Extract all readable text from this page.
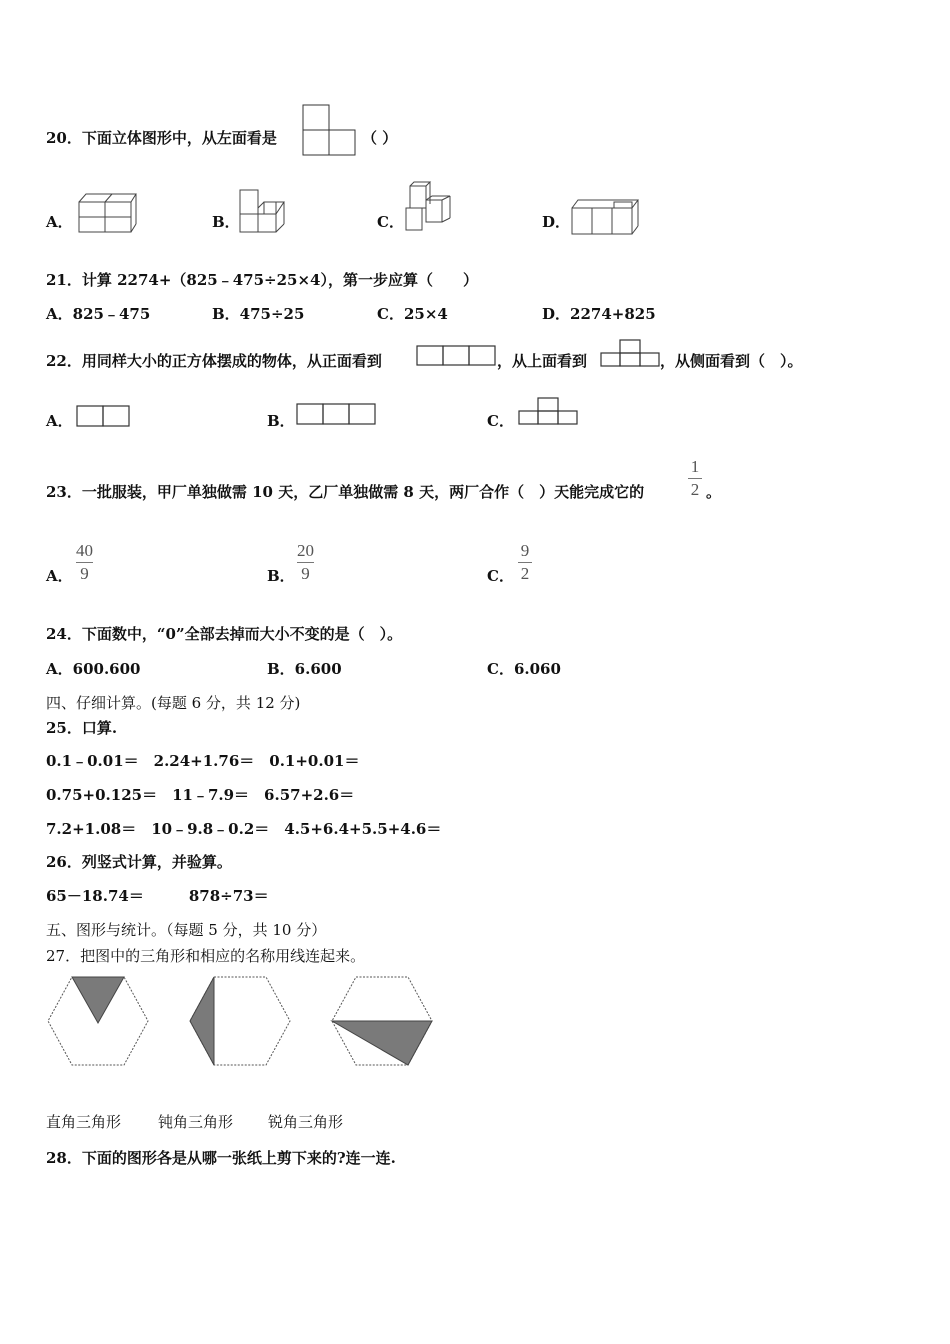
20．下面立体图形中，从左面看是	（ ）
A．	B．	C．	D．
21．计算 2274+（825﹣475÷25×4），第一步应算（　　）
A．825﹣475	B．475÷25	C．25×4	D．2274+825
22．用同样大小的正方体摆成的物体，从正面看到	，从上面看到	，从侧面看到（　）。
A．	B．	C．
23．一批服装，甲厂单独做需 10 天，乙厂单独做需 8 天，两厂合作（　）天能完成它的
1
2 。
A．
40
9	B．
20
9	C．
9
2
24．下面数中，“0”全部去掉而大小不变的是（　）。
A．600.600	B．6.600	C．6.060
四、仔细计算。(每题 6 分，共 12 分)
25．口算.
0.1﹣0.01＝　2.24+1.76＝　0.1+0.01＝
0.75+0.125＝　11﹣7.9＝　6.57+2.6＝
7.2+1.08＝　10﹣9.8﹣0.2＝　4.5+6.4+5.5+4.6＝
26．列竖式计算，并验算。
65－18.74＝　　　878÷73＝
五、图形与统计。（每题 5 分，共 10 分）
27．把图中的三角形和相应的名称用线连起来。
直角三角形 钝角三角形 锐角三角形
28．下面的图形各是从哪一张纸上剪下来的?连一连.
